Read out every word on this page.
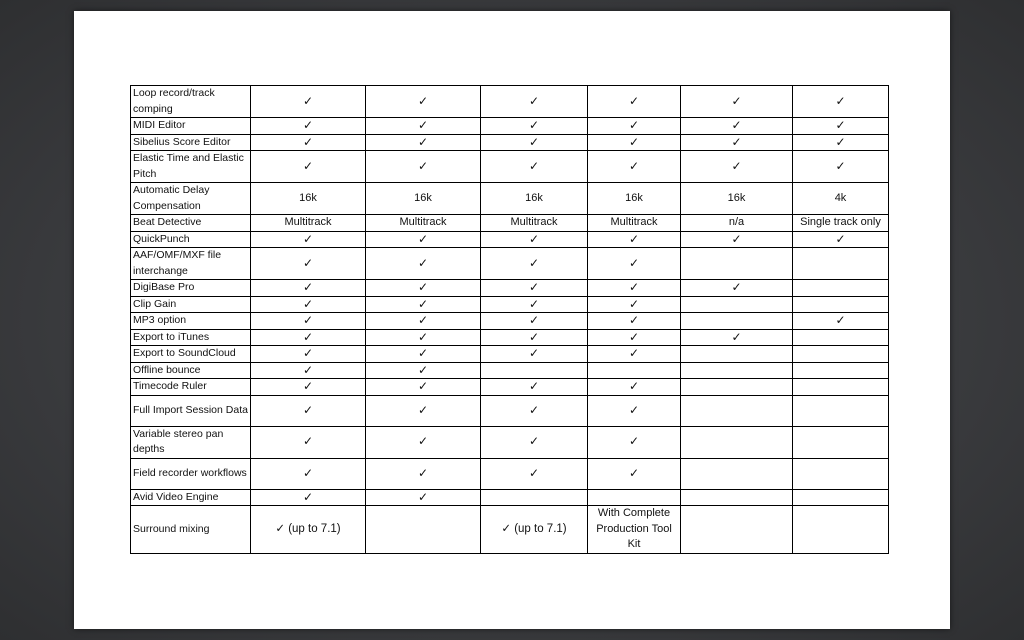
Loop record/track comping	✓	✓	✓	✓	✓	✓
MIDI Editor	✓	✓	✓	✓	✓	✓
Sibelius Score Editor	✓	✓	✓	✓	✓	✓
Elastic Time and Elastic Pitch	✓	✓	✓	✓	✓	✓
Automatic Delay Compensation	16k	16k	16k	16k	16k	4k
Beat Detective	Multitrack	Multitrack	Multitrack	Multitrack	n/a	Single track only
QuickPunch	✓	✓	✓	✓	✓	✓
AAF/OMF/MXF file interchange	✓	✓	✓	✓		
DigiBase Pro	✓	✓	✓	✓	✓	
Clip Gain	✓	✓	✓	✓		
MP3 option	✓	✓	✓	✓		✓
Export to iTunes	✓	✓	✓	✓	✓	
Export to SoundCloud	✓	✓	✓	✓		
Offline bounce	✓	✓				
Timecode Ruler	✓	✓	✓	✓		
Full Import Session Data	✓	✓	✓	✓		
Variable stereo pan depths	✓	✓	✓	✓		
Field recorder workflows	✓	✓	✓	✓		
Avid Video Engine	✓	✓				
Surround mixing	✓ (up to 7.1)		✓ (up to 7.1)	With Complete Production Tool Kit		
